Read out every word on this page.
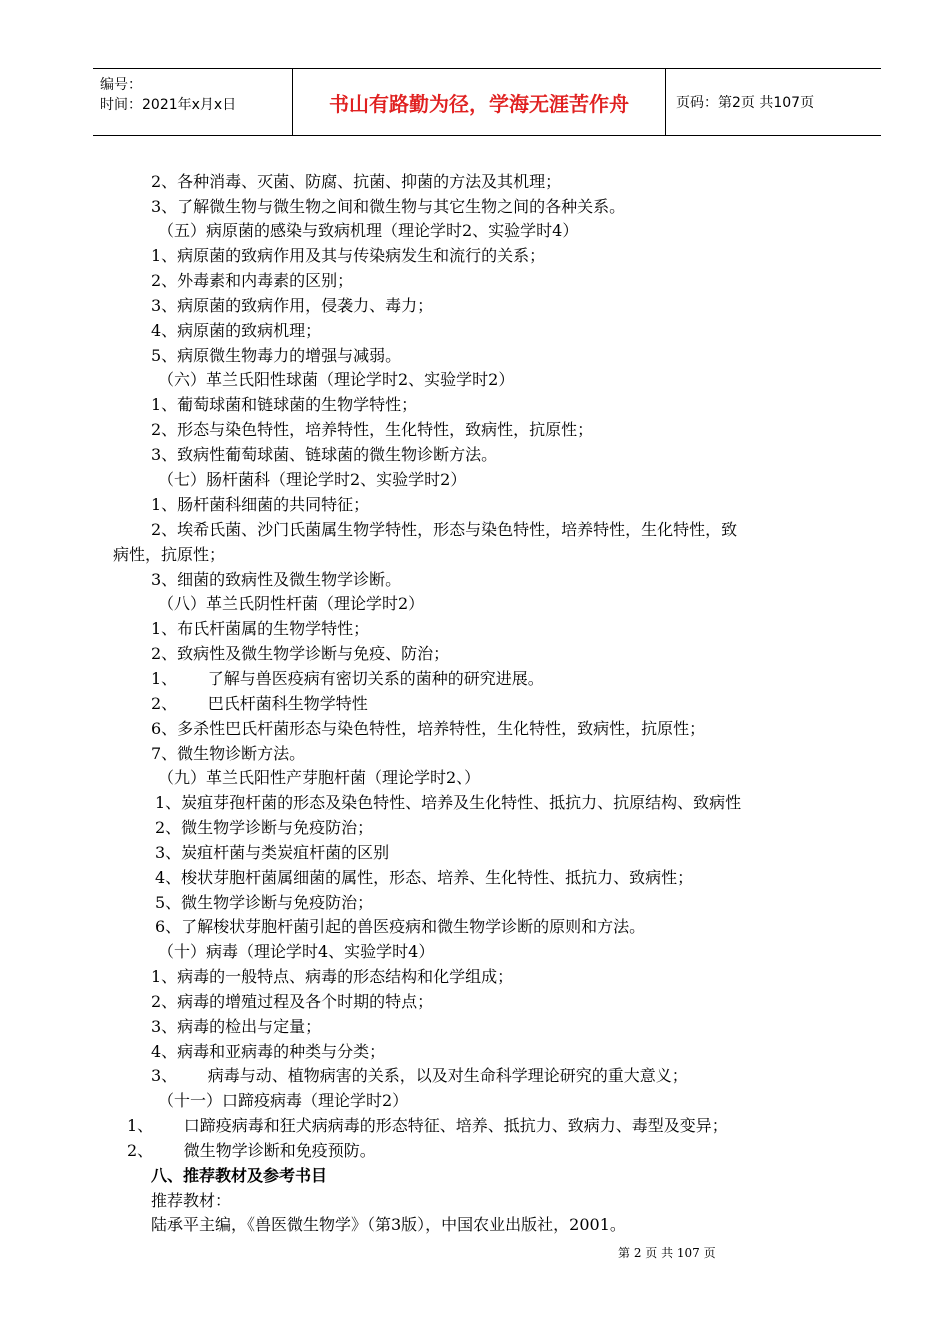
编号：
时间：2021年x月x日	书山有路勤为径，学海无涯苦作舟	页码：第2页 共107页
2、各种消毒、灭菌、防腐、抗菌、抑菌的方法及其机理；
3、了解微生物与微生物之间和微生物与其它生物之间的各种关系。
（五）病原菌的感染与致病机理（理论学时2、实验学时4）
1、病原菌的致病作用及其与传染病发生和流行的关系；
2、外毒素和内毒素的区别；
3、病原菌的致病作用，侵袭力、毒力；
4、病原菌的致病机理；
5、病原微生物毒力的增强与减弱。
（六）革兰氏阳性球菌（理论学时2、实验学时2）
1、葡萄球菌和链球菌的生物学特性；
2、形态与染色特性，培养特性，生化特性，致病性，抗原性；
3、致病性葡萄球菌、链球菌的微生物诊断方法。
（七）肠杆菌科（理论学时2、实验学时2）
1、肠杆菌科细菌的共同特征；
2、埃希氏菌、沙门氏菌属生物学特性，形态与染色特性，培养特性，生化特性，致
病性，抗原性；
3、细菌的致病性及微生物学诊断。
（八）革兰氏阴性杆菌（理论学时2）
1、布氏杆菌属的生物学特性；
2、致病性及微生物学诊断与免疫、防治；
1、      了解与兽医疫病有密切关系的菌种的研究进展。
2、      巴氏杆菌科生物学特性
6、多杀性巴氏杆菌形态与染色特性，培养特性，生化特性，致病性，抗原性；
7、微生物诊断方法。
（九）革兰氏阳性产芽胞杆菌（理论学时2、）
1、炭疽芽孢杆菌的形态及染色特性、培养及生化特性、抵抗力、抗原结构、致病性
2、微生物学诊断与免疫防治；
3、炭疽杆菌与类炭疽杆菌的区别
4、梭状芽胞杆菌属细菌的属性，形态、培养、生化特性、抵抗力、致病性；
5、微生物学诊断与免疫防治；
6、了解梭状芽胞杆菌引起的兽医疫病和微生物学诊断的原则和方法。
（十）病毒（理论学时4、实验学时4）
1、病毒的一般特点、病毒的形态结构和化学组成；
2、病毒的增殖过程及各个时期的特点；
3、病毒的检出与定量；
4、病毒和亚病毒的种类与分类；
3、      病毒与动、植物病害的关系，以及对生命科学理论研究的重大意义；
（十一）口蹄疫病毒（理论学时2）
1、      口蹄疫病毒和狂犬病病毒的形态特征、培养、抵抗力、致病力、毒型及变异；
2、      微生物学诊断和免疫预防。
八、推荐教材及参考书目
推荐教材：
陆承平主编，《兽医微生物学》（第3版），中国农业出版社，2001。
第 2 页 共 107 页
